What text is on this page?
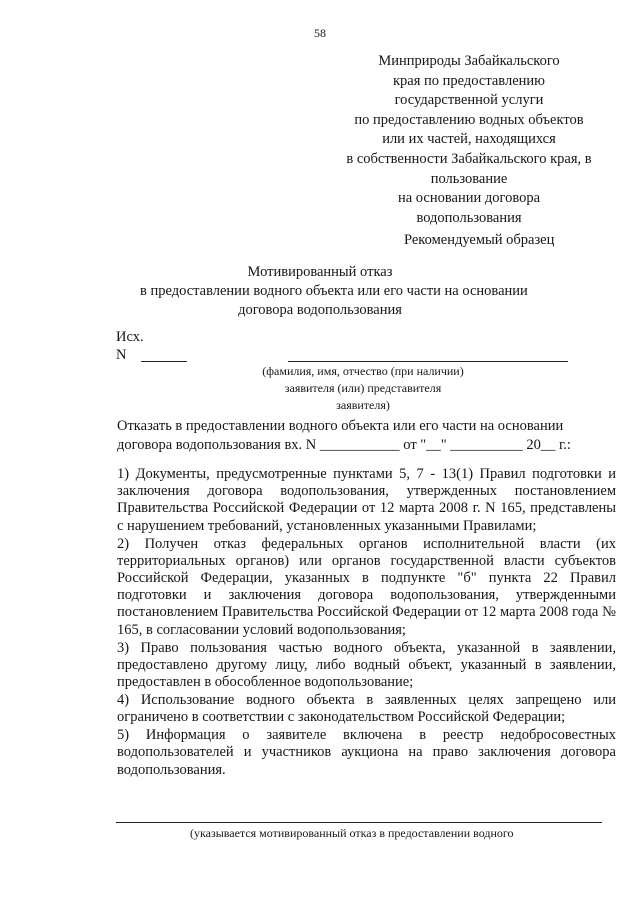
58
Минприроды Забайкальского
края по предоставлению
государственной услуги
по предоставлению водных объектов
или их частей, находящихся
в собственности Забайкальского края, в
пользование
на основании договора
водопользования
Рекомендуемый образец
Мотивированный отказ
в предоставлении водного объекта или его части на основании
договора водопользования
Исх.
N
(фамилия, имя, отчество (при наличии)
заявителя (или) представителя
заявителя)
Отказать в предоставлении водного объекта или его части на основании
договора водопользования вх. N ___________ от "__" __________ 20__ г.:

1) Документы, предусмотренные пунктами 5, 7 - 13(1) Правил подготовки и заключения договора водопользования, утвержденных постановлением Правительства Российской Федерации от 12 марта 2008 г. N 165, представлены с нарушением требований, установленных указанными Правилами;

2) Получен отказ федеральных органов исполнительной власти (их территориальных органов) или органов государственной власти субъектов Российской Федерации, указанных в подпункте "б" пункта 22 Правил подготовки и заключения договора водопользования, утвержденными постановлением Правительства Российской Федерации от 12 марта 2008 года № 165, в согласовании условий водопользования;

3) Право пользования частью водного объекта, указанной в заявлении, предоставлено другому лицу, либо водный объект, указанный в заявлении, предоставлен в обособленное водопользование;

4) Использование водного объекта в заявленных целях запрещено или ограничено в соответствии с законодательством Российской Федерации;

5) Информация о заявителе включена в реестр недобросовестных водопользователей и участников аукциона на право заключения договора водопользования.

(указывается мотивированный отказ в предоставлении водного
